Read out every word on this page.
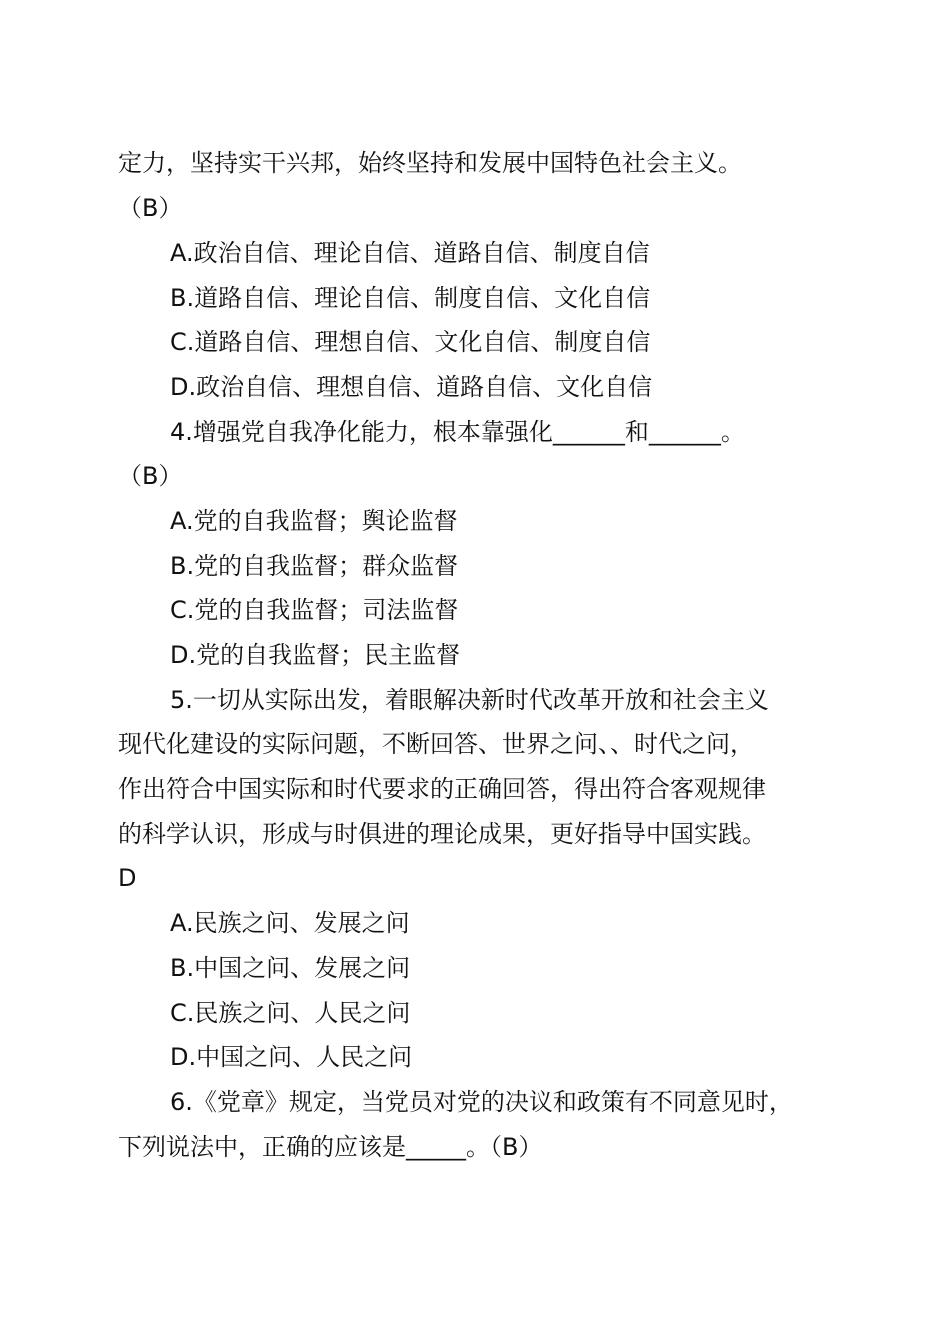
定力，坚持实干兴邦，始终坚持和发展中国特色社会主义。

（B）

A.政治自信、理论自信、道路自信、制度自信

B.道路自信、理论自信、制度自信、文化自信

C.道路自信、理想自信、文化自信、制度自信

D.政治自信、理想自信、道路自信、文化自信

4.增强党自我净化能力，根本靠强化______和______。

（B）

A.党的自我监督；舆论监督

B.党的自我监督；群众监督

C.党的自我监督；司法监督

D.党的自我监督；民主监督

5.一切从实际出发，着眼解决新时代改革开放和社会主义

现代化建设的实际问题，不断回答、世界之问、、时代之问，

作出符合中国实际和时代要求的正确回答，得出符合客观规律

的科学认识，形成与时俱进的理论成果，更好指导中国实践。

D

A.民族之问、发展之问

B.中国之问、发展之问

C.民族之问、人民之问

D.中国之问、人民之问

6.《党章》规定，当党员对党的决议和政策有不同意见时，

下列说法中，正确的应该是_____。（B）
